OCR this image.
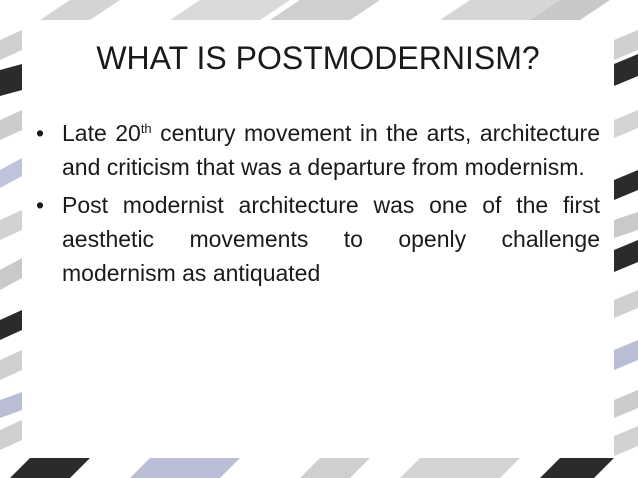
WHAT IS POSTMODERNISM?
• Late 20th century movement in the arts, architecture and criticism that was a departure from modernism.
• Post modernist architecture was one of the first aesthetic movements to openly challenge modernism as antiquated
